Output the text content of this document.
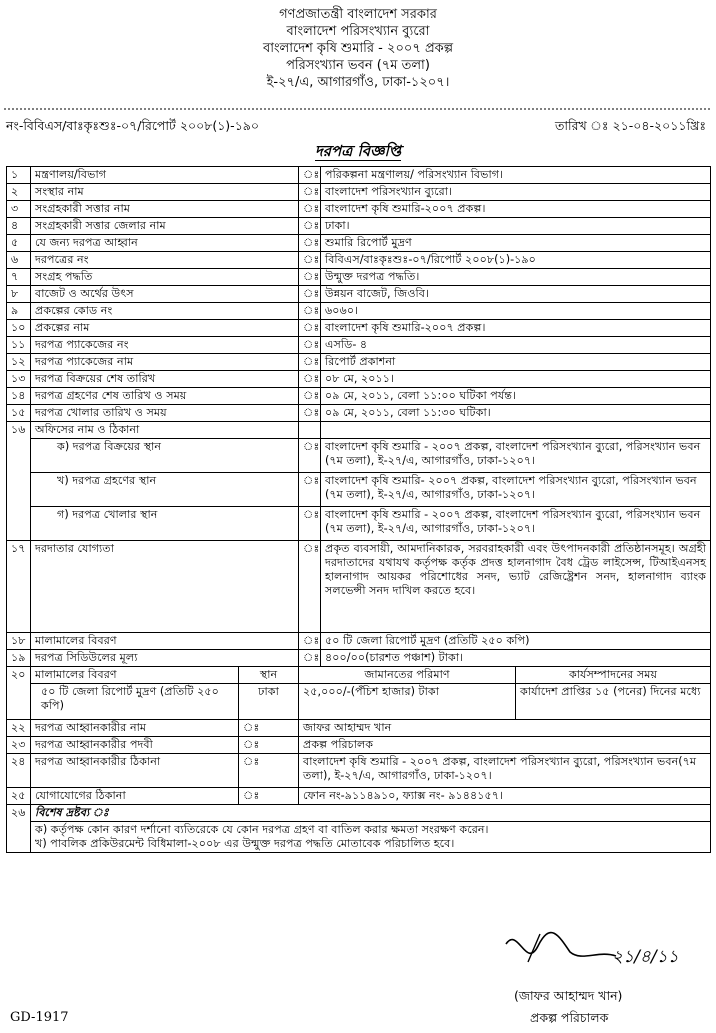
গণপ্রজাতন্ত্রী বাংলাদেশ সরকার
বাংলাদেশ পরিসংখ্যান ব্যুরো
বাংলাদেশ কৃষি শুমারি - ২০০৭ প্রকল্প
পরিসংখ্যান ভবন (৭ম তলা)
ই-২৭/এ, আগারগাঁও, ঢাকা-১২০৭।
নং-বিবিএস/বাঃকৃঃশুঃ-০৭/রিপোর্ট ২০০৮(১)-১৯০	তারিখ ঃ ২১-০৪-২০১১খ্রিঃ
দরপত্র বিজ্ঞপ্তি
১	মন্ত্রণালয়/বিভাগ		ঃ	পরিকল্পনা মন্ত্রণালয়/ পরিসংখ্যান বিভাগ।	
২	সংস্থার নাম		ঃ	বাংলাদেশ পরিসংখ্যান ব্যুরো।	
৩	সংগ্রহকারী সত্তার নাম		ঃ	বাংলাদেশ কৃষি শুমারি-২০০৭ প্রকল্প।	
৪	সংগ্রহকারী সত্তার জেলার নাম		ঃ	ঢাকা।	
৫	যে জন্য দরপত্র আহ্বান		ঃ	শুমারি রিপোর্ট মুদ্রণ	
৬	দরপত্রের নং		ঃ	বিবিএস/বাঃকৃঃশুঃ-০৭/রিপোর্ট ২০০৮(১)-১৯০	
৭	সংগ্রহ পদ্ধতি		ঃ	উন্মুক্ত দরপত্র পদ্ধতি।	
৮	বাজেট ও অর্থের উৎস		ঃ	উন্নয়ন বাজেট, জিওবি।	
৯	প্রকল্পের কোড নং		ঃ	৬০৬০।	
১০	প্রকল্পের নাম		ঃ	বাংলাদেশ কৃষি শুমারি-২০০৭ প্রকল্প।	
১১	দরপত্র প্যাকেজের নং		ঃ	এসডি- ৪	
১২	দরপত্র প্যাকেজের নাম		ঃ	রিপোর্ট প্রকাশনা	
১৩	দরপত্র বিক্রয়ের শেষ তারিখ		ঃ	০৮ মে, ২০১১।	
১৪	দরপত্র গ্রহণের শেষ তারিখ ও সময়		ঃ	০৯ মে, ২০১১, বেলা ১১:০০ ঘটিকা পর্যন্ত।	
১৫	দরপত্র খোলার তারিখ ও সময়		ঃ	০৯ মে, ২০১১, বেলা ১১:৩০ ঘটিকা।	
১৬	অফিসের নাম ও ঠিকানা				
	ক) দরপত্র বিক্রয়ের স্থান		ঃ	বাংলাদেশ কৃষি শুমারি - ২০০৭ প্রকল্প, বাংলাদেশ পরিসংখ্যান ব্যুরো, পরিসংখ্যান ভবন (৭ম তলা), ই-২৭/এ, আগারগাঁও, ঢাকা-১২০৭।	
	খ) দরপত্র গ্রহণের স্থান		ঃ	বাংলাদেশ কৃষি শুমারি- ২০০৭ প্রকল্প, বাংলাদেশ পরিসংখ্যান ব্যুরো, পরিসংখ্যান ভবন (৭ম তলা), ই-২৭/এ, আগারগাঁও, ঢাকা-১২০৭।	
	গ) দরপত্র খোলার স্থান		ঃ	বাংলাদেশ কৃষি শুমারি - ২০০৭ প্রকল্প, বাংলাদেশ পরিসংখ্যান ব্যুরো, পরিসংখ্যান ভবন (৭ম তলা), ই-২৭/এ, আগারগাঁও, ঢাকা-১২০৭।	
১৭	দরদাতার যোগ্যতা		ঃ	প্রকৃত ব্যবসায়ী, আমদানিকারক, সরবরাহকারী এবং উৎপাদনকারী প্রতিষ্ঠানসমূহ। অগ্রহী দরদাতাদের যথাযথ কর্তৃপক্ষ কর্তৃক প্রদত্ত হালনাগাদ বৈধ ট্রেড লাইসেন্স, টিআইএনসহ হালনাগাদ আয়কর পরিশোধের সনদ, ভ্যাট রেজিষ্ট্রেশন সনদ, হালনাগাদ ব্যাংক সলভেন্সী সনদ দাখিল করতে হবে।	
১৮	মালামালের বিবরণ		ঃ	৫০ টি জেলা রিপোর্ট মুদ্রণ (প্রতিটি ২৫০ কপি)	
১৯	দরপত্র সিডিউলের মূল্য		ঃ	৪০০/০০(চারশত পঞ্চাশ) টাকা।	
২০	মালামালের বিবরণ	স্থান	জামানতের পরিমাণ		কার্যসম্পাদনের সময়
	৫০ টি জেলা রিপোর্ট মুদ্রণ (প্রতিটি ২৫০ কপি)	ঢাকা	২৫,০০০/-(পঁচিশ হাজার) টাকা		কার্যাদেশ প্রাপ্তির ১৫ (পনের) দিনের মধ্যে
২২	দরপত্র আহ্বানকারীর নাম	ঃ	জাফর আহাম্মদ খান		
২৩	দরপত্র আহ্বানকারীর পদবী	ঃ	প্রকল্প পরিচালক		
২৪	দরপত্র আহ্বানকারীর ঠিকানা	ঃ	বাংলাদেশ কৃষি শুমারি - ২০০৭ প্রকল্প, বাংলাদেশ পরিসংখ্যান ব্যুরো, পরিসংখ্যান ভবন(৭ম তলা), ই-২৭/এ, আগারগাঁও, ঢাকা-১২০৭।		
২৫	যোগাযোগের ঠিকানা	ঃ	ফোন নং-৯১১৪৯১০, ফ্যাক্স নং- ৯১৪৪১৫৭।		
২৬	বিশেষ দ্রষ্টব্য ঃ				

	ক) কর্তৃপক্ষ কোন কারণ দর্শানো ব্যতিরেকে যে কোন দরপত্র গ্রহণ বা বাতিল করার ক্ষমতা সংরক্ষণ করেন।
খ) পাবলিক প্রকিউরমেন্ট বিধিমালা-২০০৮ এর উন্মুক্ত দরপত্র পদ্ধতি মোতাবেক পরিচালিত হবে।				
২১/৪/১১
(জাফর আহাম্মদ খান)
প্রকল্প পরিচালক
GD-1917
